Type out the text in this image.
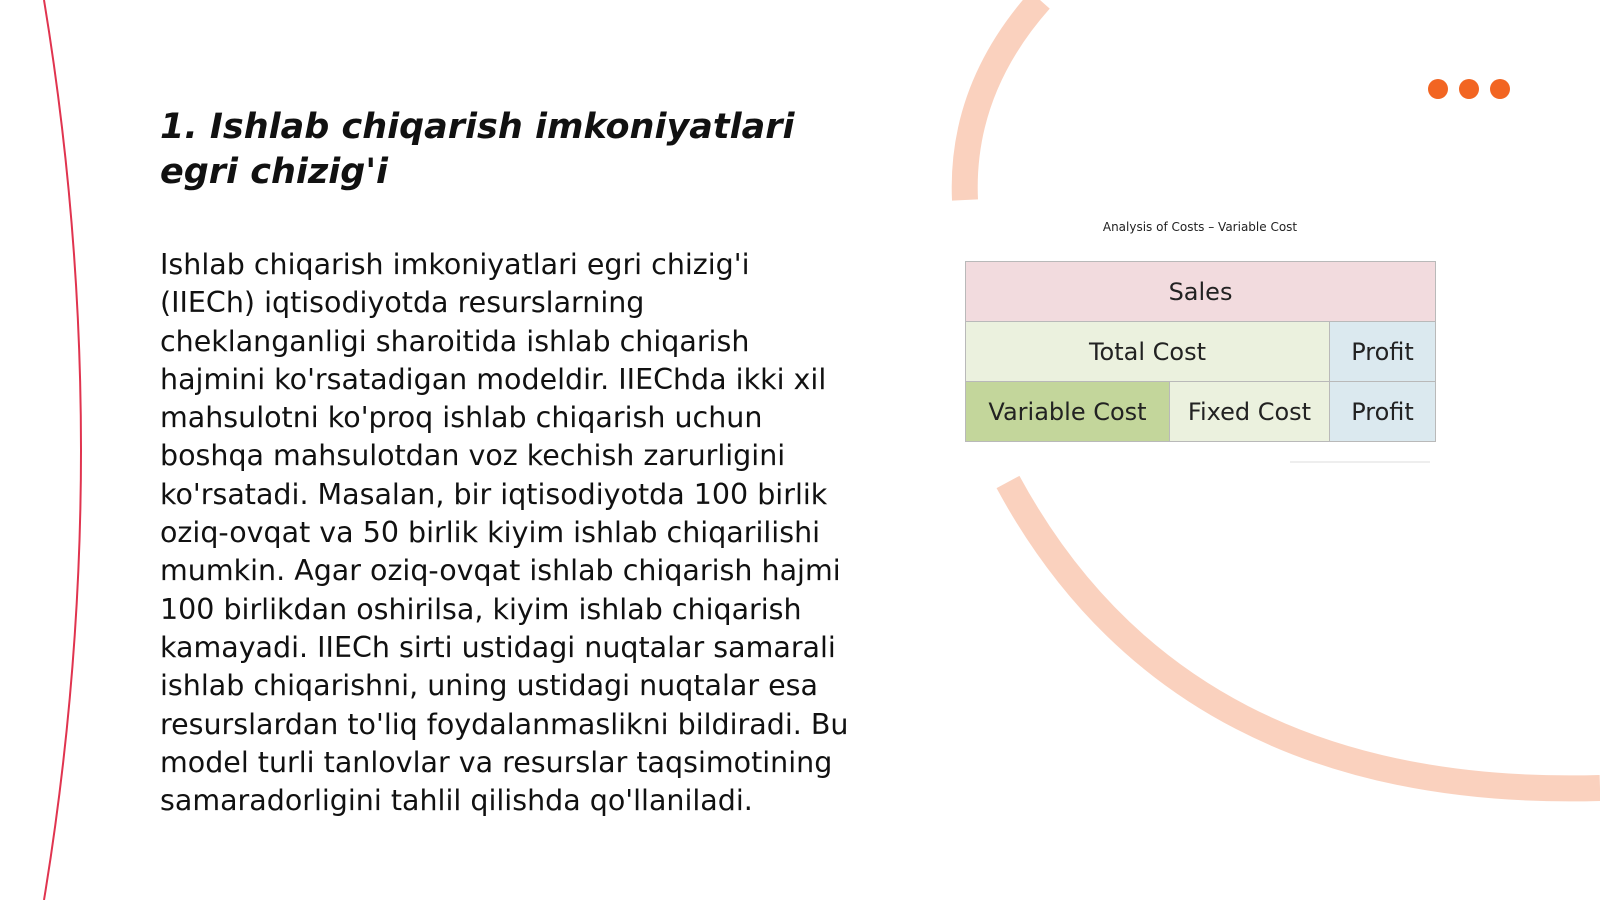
1. Ishlab chiqarish imkoniyatlari egri chizig'i

Ishlab chiqarish imkoniyatlari egri chizig'i (IIECh) iqtisodiyotda resurslarning cheklanganligi sharoitida ishlab chiqarish hajmini ko'rsatadigan modeldir. IIEChda ikki xil mahsulotni ko'proq ishlab chiqarish uchun boshqa mahsulotdan voz kechish zarurligini ko'rsatadi. Masalan, bir iqtisodiyotda 100 birlik oziq-ovqat va 50 birlik kiyim ishlab chiqarilishi mumkin. Agar oziq-ovqat ishlab chiqarish hajmi 100 birlikdan oshirilsa, kiyim ishlab chiqarish kamayadi. IIECh sirti ustidagi nuqtalar samarali ishlab chiqarishni, uning ustidagi nuqtalar esa resurslardan to'liq foydalanmaslikni bildiradi. Bu model turli tanlovlar va resurslar taqsimotining samaradorligini tahlil qilishda qo'llaniladi.

Analysis of Costs – Variable Cost
Sales		
Total Cost		Profit
Variable Cost	Fixed Cost	Profit
